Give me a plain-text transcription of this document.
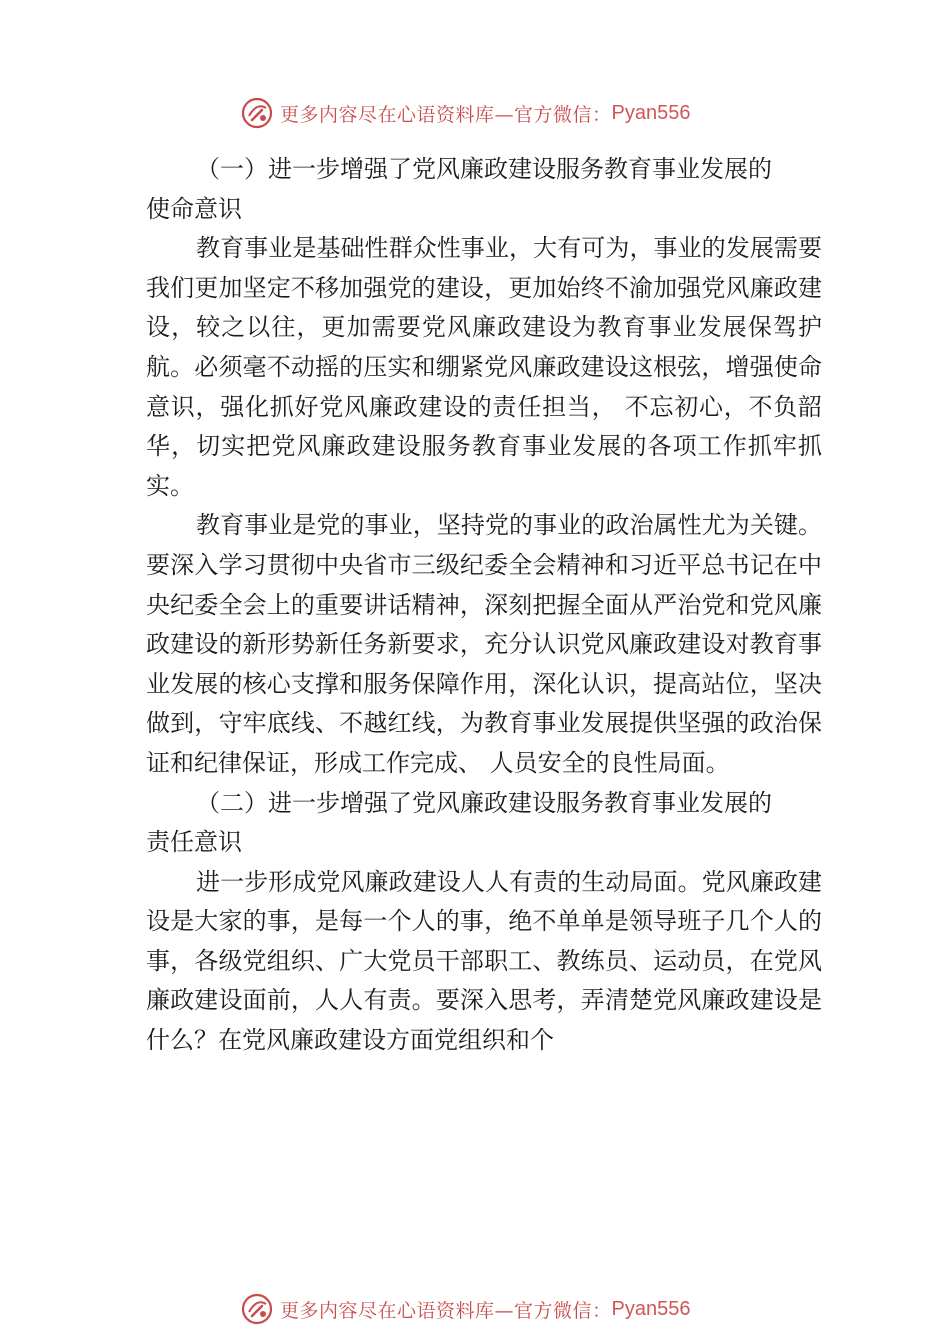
更多内容尽在心语资料库—官方微信： Pyan556

（一）进一步增强了党风廉政建设服务教育事业发展的使命意识

教育事业是基础性群众性事业，大有可为，事业的发展需要我们更加坚定不移加强党的建设，更加始终不渝加强党风廉政建设，较之以往，更加需要党风廉政建设为教育事业发展保驾护航。必须毫不动摇的压实和绷紧党风廉政建设这根弦，增强使命意识，强化抓好党风廉政建设的责任担当， 不忘初心，不负韶华，切实把党风廉政建设服务教育事业发展的各项工作抓牢抓实。

教育事业是党的事业，坚持党的事业的政治属性尤为关键。要深入学习贯彻中央省市三级纪委全会精神和习近平总书记在中央纪委全会上的重要讲话精神，深刻把握全面从严治党和党风廉政建设的新形势新任务新要求，充分认识党风廉政建设对教育事业发展的核心支撑和服务保障作用，深化认识，提高站位，坚决做到，守牢底线、不越红线，为教育事业发展提供坚强的政治保证和纪律保证，形成工作完成、 人员安全的良性局面。

（二）进一步增强了党风廉政建设服务教育事业发展的责任意识

进一步形成党风廉政建设人人有责的生动局面。党风廉政建设是大家的事，是每一个人的事，绝不单单是领导班子几个人的事，各级党组织、广大党员干部职工、教练员、运动员，在党风廉政建设面前，人人有责。要深入思考，弄清楚党风廉政建设是什么？在党风廉政建设方面党组织和个

更多内容尽在心语资料库—官方微信： Pyan556
